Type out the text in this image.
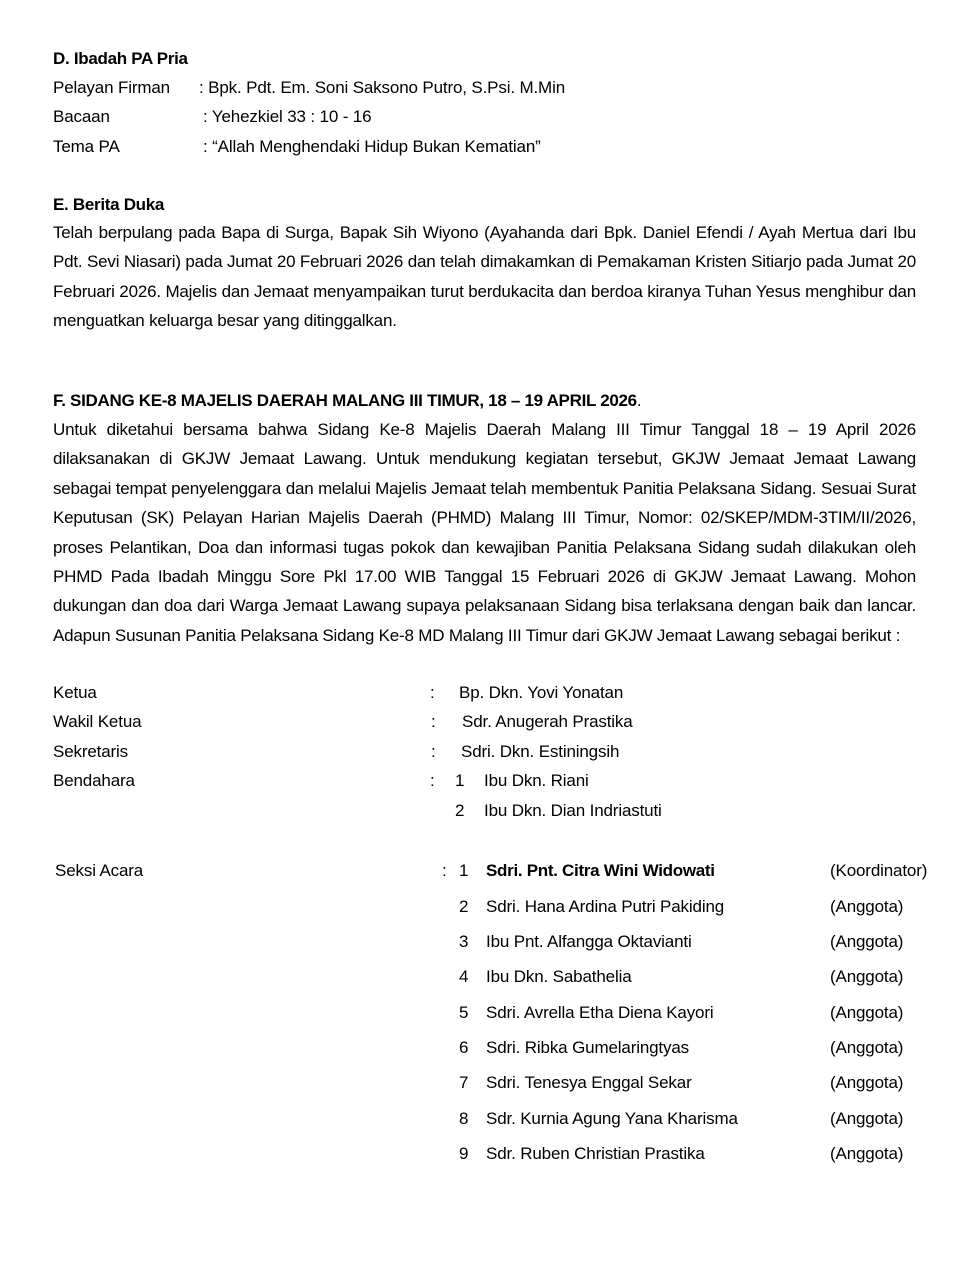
D. Ibadah PA Pria
Pelayan Firman : Bpk. Pdt. Em. Soni Saksono Putro, S.Psi. M.Min
Bacaan	: Yehezkiel 33 : 10 - 16
Tema PA	: “Allah Menghendaki Hidup Bukan Kematian”
E. Berita Duka

Telah berpulang pada Bapa di Surga, Bapak Sih Wiyono (Ayahanda dari Bpk. Daniel Efendi / Ayah Mertua dari Ibu Pdt. Sevi Niasari) pada Jumat 20 Februari 2026 dan telah dimakamkan di Pemakaman Kristen Sitiarjo pada Jumat 20 Februari 2026. Majelis dan Jemaat menyampaikan turut berdukacita dan berdoa kiranya Tuhan Yesus menghibur dan menguatkan keluarga besar yang ditinggalkan.

F. SIDANG KE-8 MAJELIS DAERAH MALANG III TIMUR, 18 – 19 APRIL 2026.

Untuk diketahui bersama bahwa Sidang Ke-8 Majelis Daerah Malang III Timur Tanggal 18 – 19 April 2026 dilaksanakan di GKJW Jemaat Lawang. Untuk mendukung kegiatan tersebut, GKJW Jemaat Jemaat Lawang sebagai tempat penyelenggara dan melalui Majelis Jemaat telah membentuk Panitia Pelaksana Sidang. Sesuai Surat Keputusan (SK) Pelayan Harian Majelis Daerah (PHMD) Malang III Timur, Nomor: 02/SKEP/MDM-3TIM/II/2026, proses Pelantikan, Doa dan informasi tugas pokok dan kewajiban Panitia Pelaksana Sidang sudah dilakukan oleh PHMD Pada Ibadah Minggu Sore Pkl 17.00 WIB Tanggal 15 Februari 2026 di GKJW Jemaat Lawang. Mohon dukungan dan doa dari Warga Jemaat Lawang supaya pelaksanaan Sidang bisa terlaksana dengan baik dan lancar. Adapun Susunan Panitia Pelaksana Sidang Ke-8 MD Malang III Timur dari GKJW Jemaat Lawang sebagai berikut :

Ketua	: Bp. Dkn. Yovi Yonatan
Wakil Ketua	: Sdr. Anugerah Prastika
Sekretaris	: Sdri. Dkn. Estiningsih
Bendahara	: 1 Ibu Dkn. Riani
2 Ibu Dkn. Dian Indriastuti
Seksi Acara	: 1 Sdri. Pnt. Citra Wini Widowati	(Koordinator)
2 Sdri. Hana Ardina Putri Pakiding	(Anggota)
3 Ibu Pnt. Alfangga Oktavianti	(Anggota)
4 Ibu Dkn. Sabathelia	(Anggota)
5 Sdri. Avrella Etha Diena Kayori	(Anggota)
6 Sdri. Ribka Gumelaringtyas	(Anggota)
7 Sdri. Tenesya Enggal Sekar	(Anggota)
8 Sdr. Kurnia Agung Yana Kharisma	(Anggota)
9 Sdr. Ruben Christian Prastika	(Anggota)
